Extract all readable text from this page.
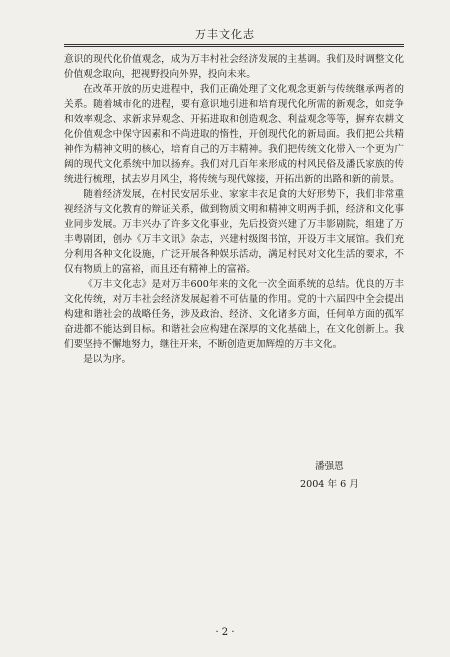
万丰文化志

意识的现代化价值观念，成为万丰村社会经济发展的主基调。我们及时调整文化价值观念取向，把视野投向外界，投向未来。

在改革开放的历史进程中，我们正确处理了文化观念更新与传统继承两者的关系。随着城市化的进程，要有意识地引进和培育现代化所需的新观念，如竞争和效率观念、求新求异观念、开拓进取和创造观念、利益观念等等，摒弃农耕文化价值观念中保守因素和不尚进取的惰性，开创现代化的新局面。我们把公共精神作为精神文明的核心，培育自己的万丰精神。我们把传统文化带入一个更为广阔的现代文化系统中加以扬弃。我们对几百年来形成的村风民俗及潘氏家族的传统进行梳理，拭去岁月风尘，将传统与现代嫁接，开拓出新的出路和新的前景。

随着经济发展，在村民安居乐业、家家丰衣足食的大好形势下，我们非常重视经济与文化教育的辩证关系，做到物质文明和精神文明两手抓，经济和文化事业同步发展。万丰兴办了许多文化事业，先后投资兴建了万丰影剧院，组建了万丰粤剧团，创办《万丰文讯》杂志，兴建村级图书馆，开设万丰文展馆。我们充分利用各种文化设施，广泛开展各种娱乐活动，满足村民对文化生活的要求，不仅有物质上的富裕，而且还有精神上的富裕。

《万丰文化志》是对万丰600年来的文化一次全面系统的总结。优良的万丰文化传统，对万丰社会经济发展起着不可估量的作用。党的十六届四中全会提出构建和谐社会的战略任务，涉及政治、经济、文化诸多方面，任何单方面的孤军奋进都不能达到目标。和谐社会应构建在深厚的文化基础上，在文化创新上。我们要坚持不懈地努力，继往开来，不断创造更加辉煌的万丰文化。

是以为序。

潘强恩
2004 年 6 月
· 2 ·
